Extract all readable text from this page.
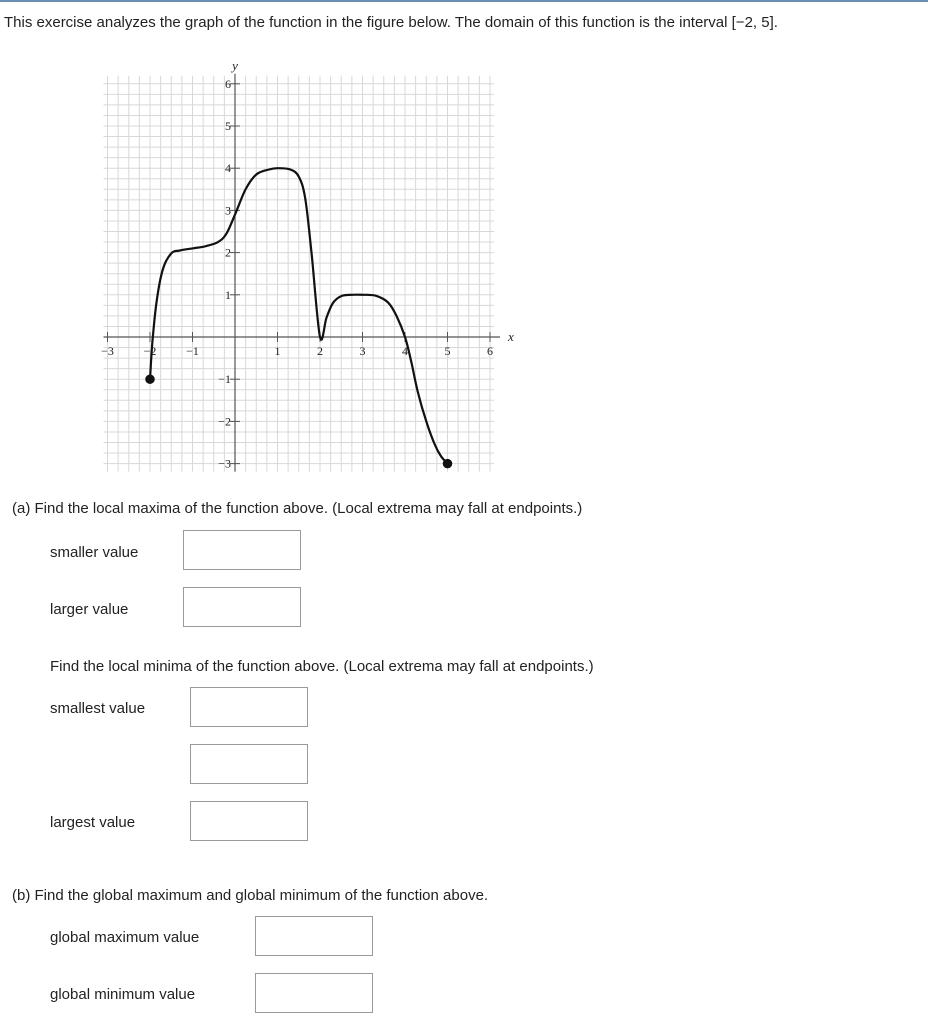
This exercise analyzes the graph of the function in the figure below. The domain of this function is the interval [−2, 5].
−3 −2 −1	1	2	3	4	5	6
6
5
4
3
2
1
−1
−2
−3
x
y
(a) Find the local maxima of the function above. (Local extrema may fall at endpoints.)
smaller value
larger value
Find the local minima of the function above. (Local extrema may fall at endpoints.)
smallest value
largest value
(b) Find the global maximum and global minimum of the function above.
global maximum value
global minimum value
